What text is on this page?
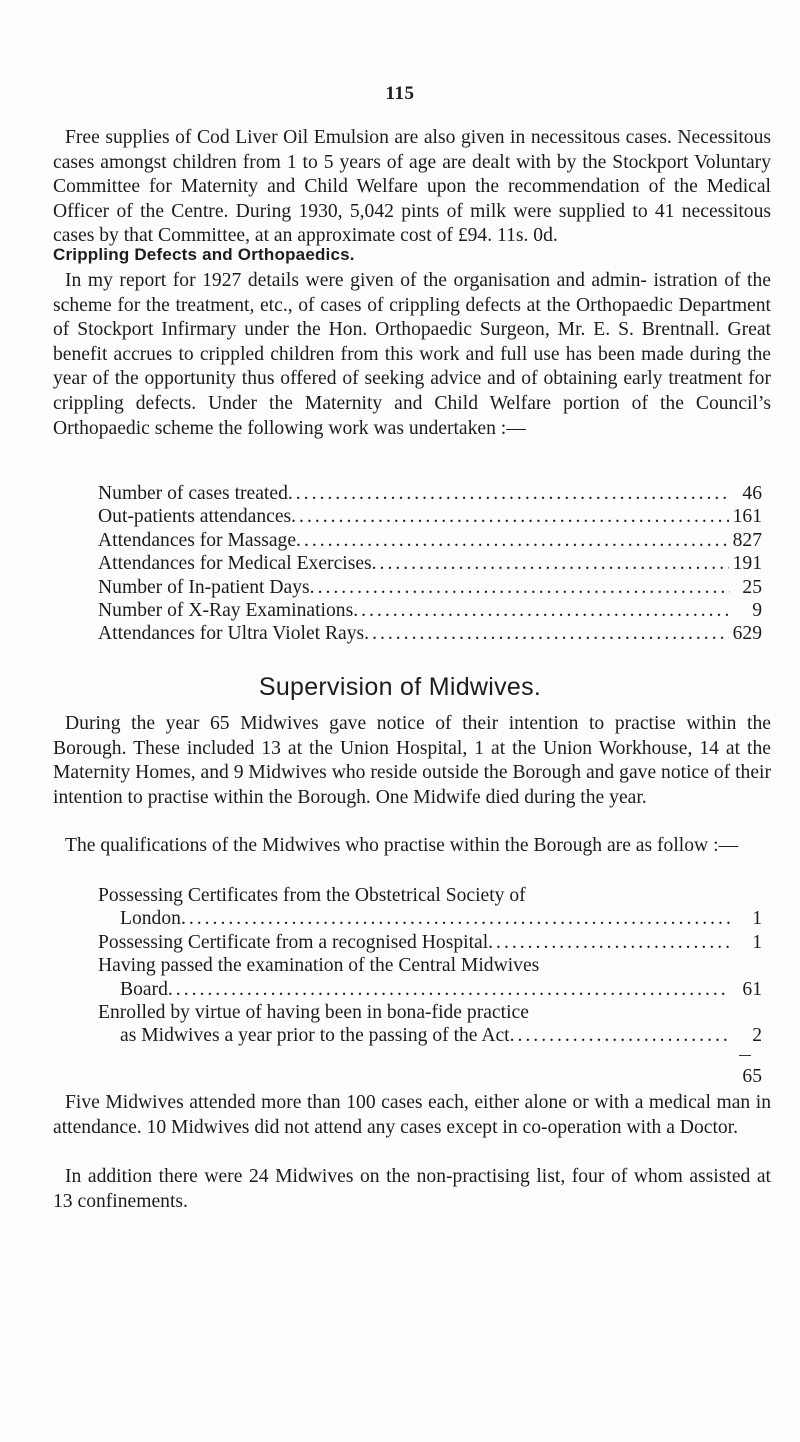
115

Free supplies of Cod Liver Oil Emulsion are also given in necessitous cases. Necessitous cases amongst children from 1 to 5 years of age are dealt with by the Stockport Voluntary Committee for Maternity and Child Welfare upon the recommendation of the Medical Officer of the Centre. During 1930, 5,042 pints of milk were supplied to 41 necessitous cases by that Committee, at an approximate cost of £94. 11s. 0d.

Crippling Defects and Orthopaedics.

In my report for 1927 details were given of the organisation and admin- istration of the scheme for the treatment, etc., of cases of crippling defects at the Orthopaedic Department of Stockport Infirmary under the Hon. Orthopaedic Surgeon, Mr. E. S. Brentnall. Great benefit accrues to crippled children from this work and full use has been made during the year of the opportunity thus offered of seeking advice and of obtaining early treatment for crippling defects. Under the Maternity and Child Welfare portion of the Council’s Orthopaedic scheme the following work was undertaken :—

Number of cases treated .....	46
Out-patients attendances .....	161
Attendances for Massage .....	827
Attendances for Medical Exercises .....	191
Number of In-patient Days .....	25
Number of X-Ray Examinations .....	9
Attendances for Ultra Violet Rays .....	629
Supervision of Midwives.

During the year 65 Midwives gave notice of their intention to practise within the Borough. These included 13 at the Union Hospital, 1 at the Union Workhouse, 14 at the Maternity Homes, and 9 Midwives who reside outside the Borough and gave notice of their intention to practise within the Borough. One Midwife died during the year.

The qualifications of the Midwives who practise within the Borough are as follow :—

Possessing Certificates from the Obstetrical Society of
London .....	1
Possessing Certificate from a recognised Hospital .....	1
Having passed the examination of the Central Midwives
Board .....	61
Enrolled by virtue of having been in bona-fide practice
as Midwives a year prior to the passing of the Act .....	2
65

Five Midwives attended more than 100 cases each, either alone or with a medical man in attendance. 10 Midwives did not attend any cases except in co-operation with a Doctor.

In addition there were 24 Midwives on the non-practising list, four of whom assisted at 13 confinements.
